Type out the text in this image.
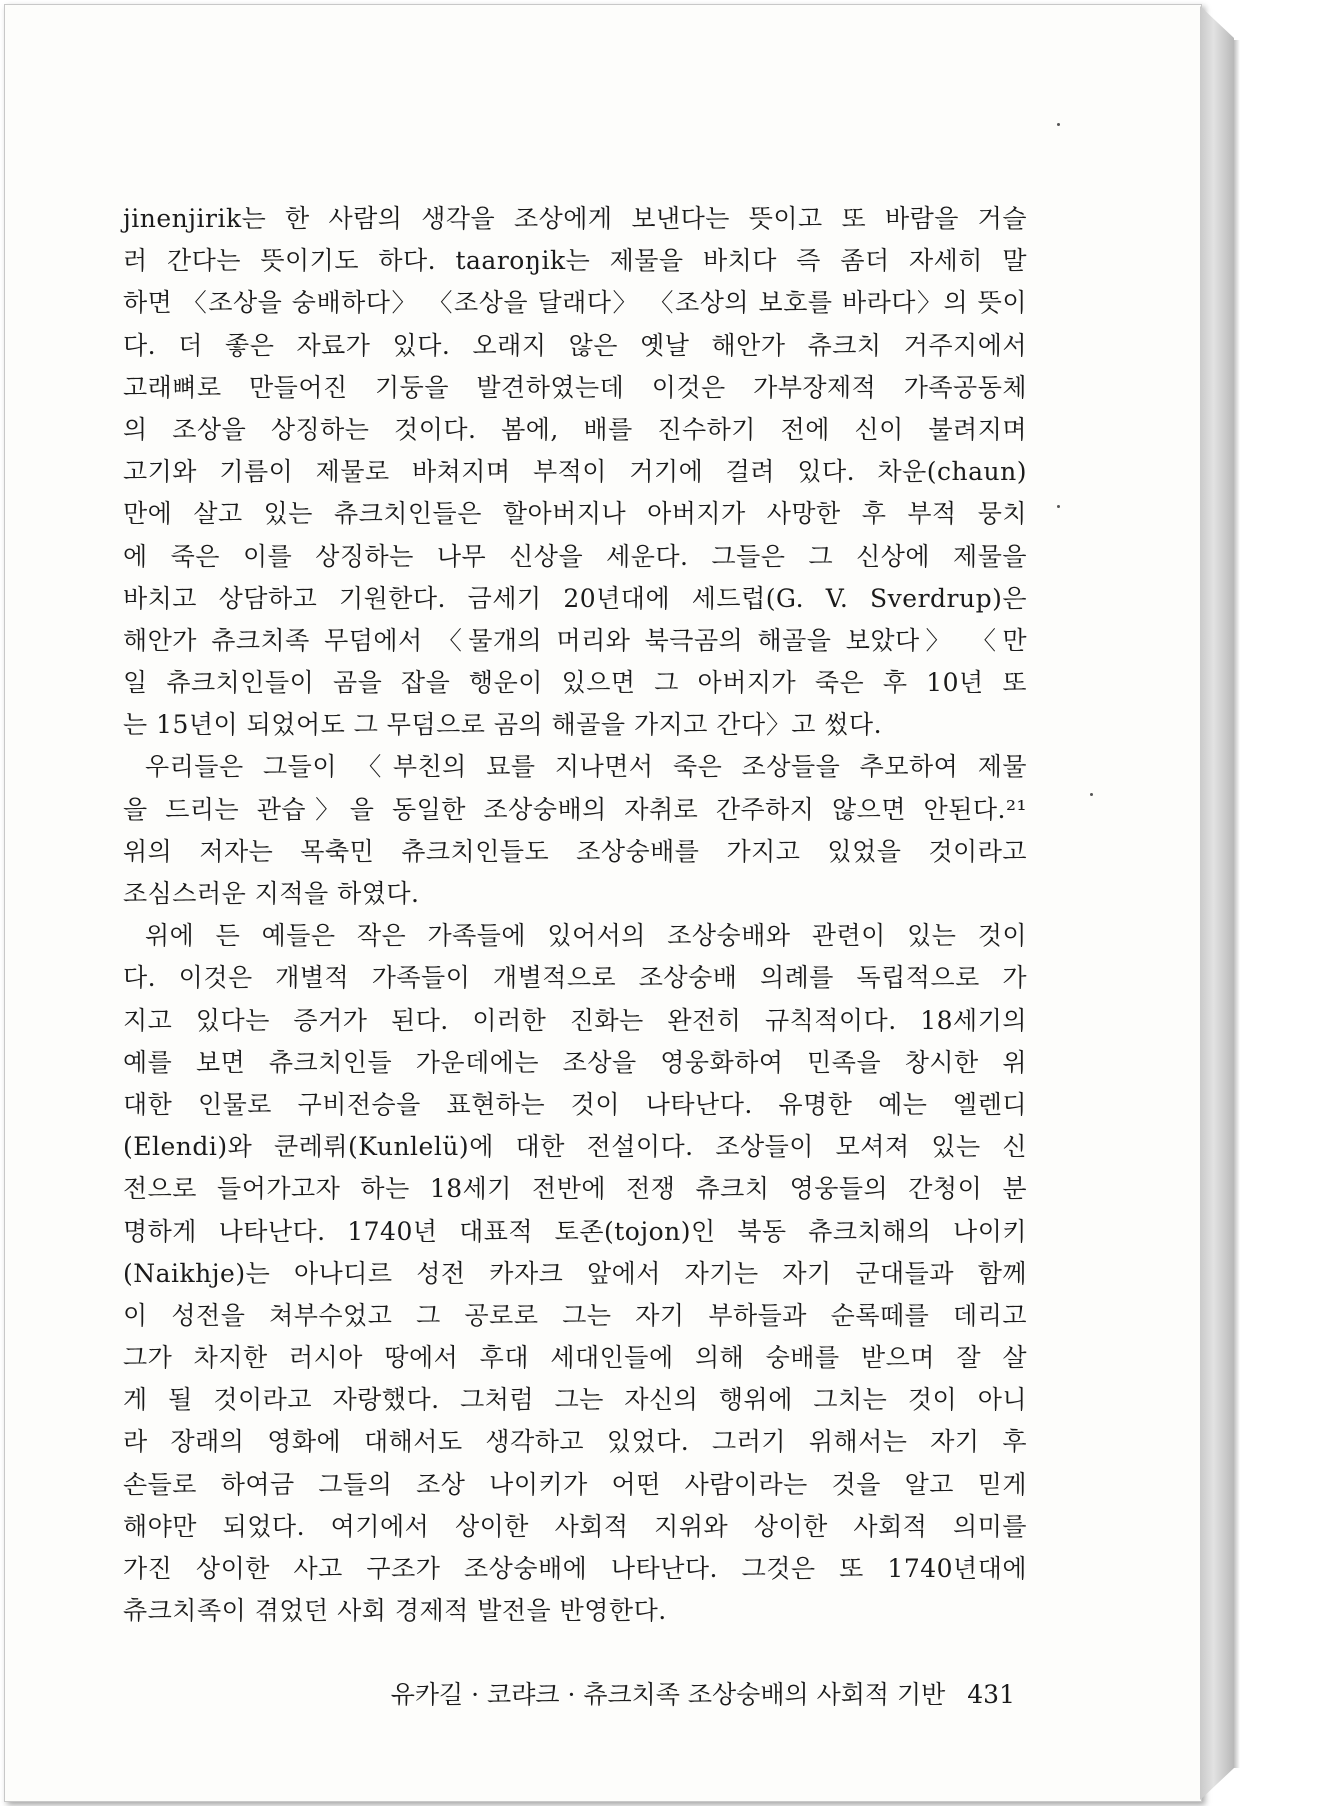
jinenjirik는 한 사람의 생각을 조상에게 보낸다는 뜻이고 또 바람을 거슬
러 간다는 뜻이기도 하다. taaroŋik는 제물을 바치다 즉 좀더 자세히 말
하면 〈조상을 숭배하다〉 〈조상을 달래다〉 〈조상의 보호를 바라다〉의 뜻이
다. 더 좋은 자료가 있다. 오래지 않은 옛날 해안가 츄크치 거주지에서
고래뼈로 만들어진 기둥을 발견하였는데 이것은 가부장제적 가족공동체
의 조상을 상징하는 것이다. 봄에, 배를 진수하기 전에 신이 불려지며
고기와 기름이 제물로 바쳐지며 부적이 거기에 걸려 있다. 차운(chaun)
만에 살고 있는 츄크치인들은 할아버지나 아버지가 사망한 후 부적 뭉치
에 죽은 이를 상징하는 나무 신상을 세운다. 그들은 그 신상에 제물을
바치고 상담하고 기원한다. 금세기 20년대에 세드럽(G. V. Sverdrup)은
해안가 츄크치족 무덤에서 〈물개의 머리와 북극곰의 해골을 보았다〉 〈만
일 츄크치인들이 곰을 잡을 행운이 있으면 그 아버지가 죽은 후 10년 또
는 15년이 되었어도 그 무덤으로 곰의 해골을 가지고 간다〉고 썼다.
우리들은 그들이 〈부친의 묘를 지나면서 죽은 조상들을 추모하여 제물
을 드리는 관습〉을 동일한 조상숭배의 자취로 간주하지 않으면 안된다.²¹
위의 저자는 목축민 츄크치인들도 조상숭배를 가지고 있었을 것이라고
조심스러운 지적을 하였다.
위에 든 예들은 작은 가족들에 있어서의 조상숭배와 관련이 있는 것이
다. 이것은 개별적 가족들이 개별적으로 조상숭배 의례를 독립적으로 가
지고 있다는 증거가 된다. 이러한 진화는 완전히 규칙적이다. 18세기의
예를 보면 츄크치인들 가운데에는 조상을 영웅화하여 민족을 창시한 위
대한 인물로 구비전승을 표현하는 것이 나타난다. 유명한 예는 엘렌디
(Elendi)와 쿤레뤼(Kunlelü)에 대한 전설이다. 조상들이 모셔져 있는 신
전으로 들어가고자 하는 18세기 전반에 전쟁 츄크치 영웅들의 간청이 분
명하게 나타난다. 1740년 대표적 토존(tojon)인 북동 츄크치해의 나이키
(Naikhje)는 아나디르 성전 카자크 앞에서 자기는 자기 군대들과 함께
이 성전을 쳐부수었고 그 공로로 그는 자기 부하들과 순록떼를 데리고
그가 차지한 러시아 땅에서 후대 세대인들에 의해 숭배를 받으며 잘 살
게 될 것이라고 자랑했다. 그처럼 그는 자신의 행위에 그치는 것이 아니
라 장래의 영화에 대해서도 생각하고 있었다. 그러기 위해서는 자기 후
손들로 하여금 그들의 조상 나이키가 어떤 사람이라는 것을 알고 믿게
해야만 되었다. 여기에서 상이한 사회적 지위와 상이한 사회적 의미를
가진 상이한 사고 구조가 조상숭배에 나타난다. 그것은 또 1740년대에
츄크치족이 겪었던 사회 경제적 발전을 반영한다.
유카길 · 코랴크 · 츄크치족 조상숭배의 사회적 기반 431
